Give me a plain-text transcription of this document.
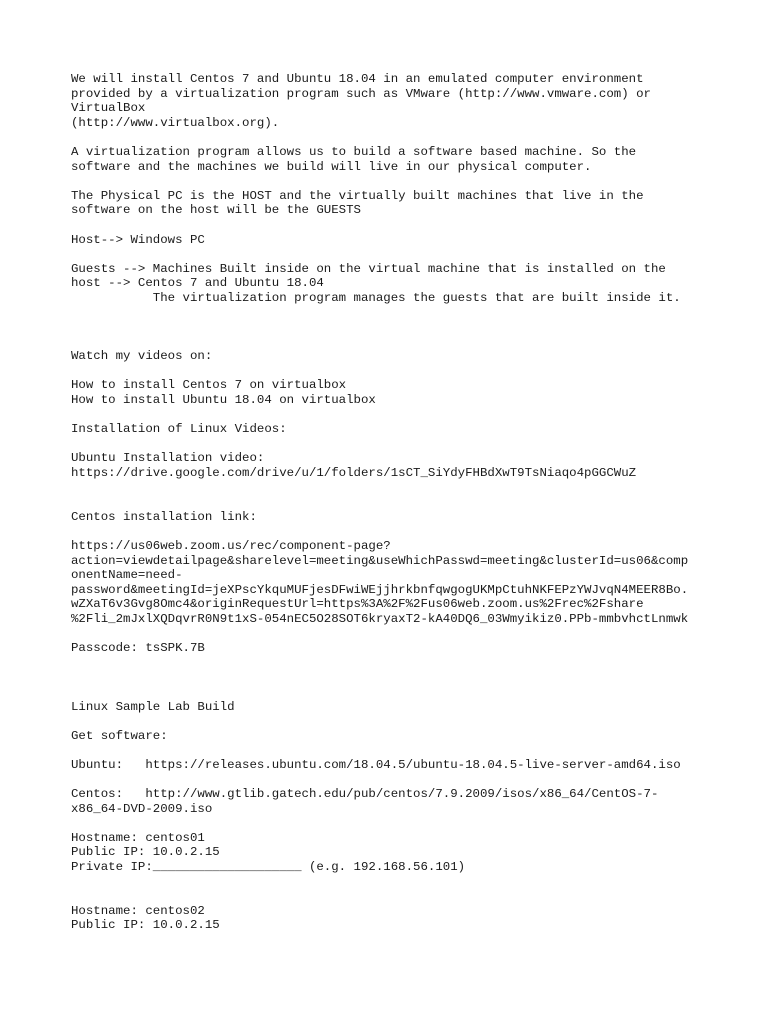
We will install Centos 7 and Ubuntu 18.04 in an emulated computer environment
provided by a virtualization program such as VMware (http://www.vmware.com) or
VirtualBox
(http://www.virtualbox.org).
A virtualization program allows us to build a software based machine. So the
software and the machines we build will live in our physical computer.
The Physical PC is the HOST and the virtually built machines that live in the
software on the host will be the GUESTS
Host--> Windows PC
Guests --> Machines Built inside on the virtual machine that is installed on the
host --> Centos 7 and Ubuntu 18.04
The virtualization program manages the guests that are built inside it.
Watch my videos on:
How to install Centos 7 on virtualbox
How to install Ubuntu 18.04 on virtualbox
Installation of Linux Videos:
Ubuntu Installation video:
https://drive.google.com/drive/u/1/folders/1sCT_SiYdyFHBdXwT9TsNiaqo4pGGCWuZ
Centos installation link:
https://us06web.zoom.us/rec/component-page?
action=viewdetailpage&sharelevel=meeting&useWhichPasswd=meeting&clusterId=us06&comp
onentName=need-
password&meetingId=jeXPscYkquMUFjesDFwiWEjjhrkbnfqwgogUKMpCtuhNKFEPzYWJvqN4MEER8Bo.
wZXaT6v3Gvg8Omc4&originRequestUrl=https%3A%2F%2Fus06web.zoom.us%2Frec%2Fshare
%2Fli_2mJxlXQDqvrR0N9t1xS-054nEC5O28SOT6kryaxT2-kA40DQ6_03Wmyikiz0.PPb-mmbvhctLnmwk
Passcode: tsSPK.7B
Linux Sample Lab Build
Get software:
Ubuntu:   https://releases.ubuntu.com/18.04.5/ubuntu-18.04.5-live-server-amd64.iso
Centos:   http://www.gtlib.gatech.edu/pub/centos/7.9.2009/isos/x86_64/CentOS-7-
x86_64-DVD-2009.iso
Hostname: centos01
Public IP: 10.0.2.15
Private IP:____________________ (e.g. 192.168.56.101)
Hostname: centos02
Public IP: 10.0.2.15
